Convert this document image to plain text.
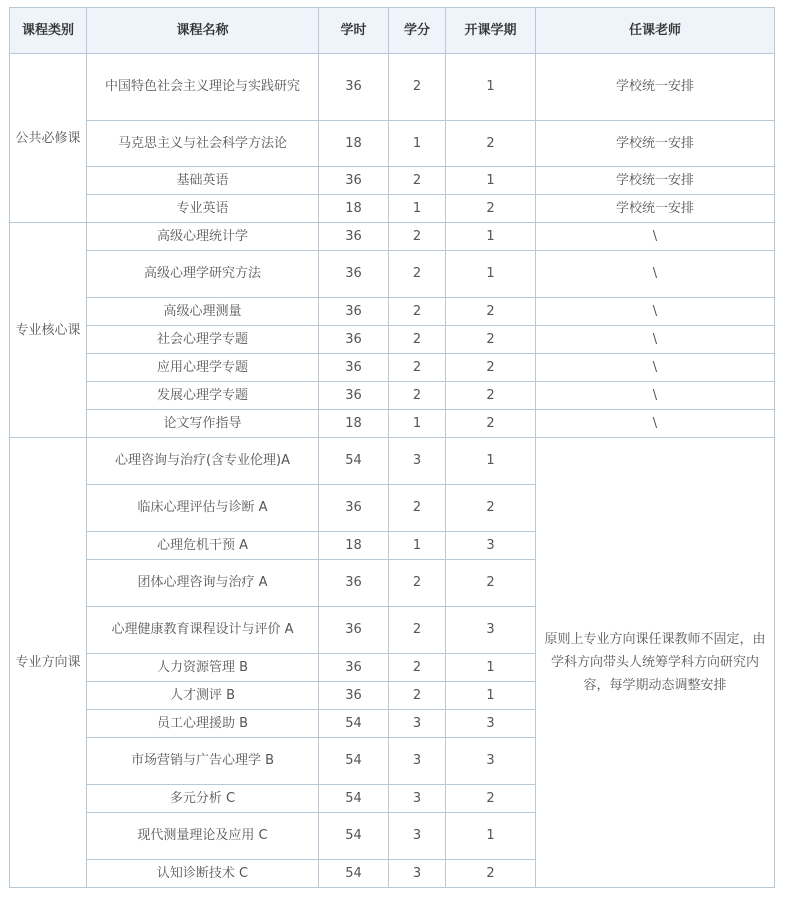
课程类别	课程名称	学时	学分	开课学期	任课老师
公共必修课	中国特色社会主义理论与实践研究	36	2	1	学校统一安排
	马克思主义与社会科学方法论	18	1	2	学校统一安排
	基础英语	36	2	1	学校统一安排
	专业英语	18	1	2	学校统一安排
专业核心课	高级心理统计学	36	2	1	\
	高级心理学研究方法	36	2	1	\
	高级心理测量	36	2	2	\
	社会心理学专题	36	2	2	\
	应用心理学专题	36	2	2	\
	发展心理学专题	36	2	2	\
	论文写作指导	18	1	2	\
专业方向课	心理咨询与治疗(含专业伦理)A	54	3	1	原则上专业方向课任课教师不固定，由学科方向带头人统筹学科方向研究内容，每学期动态调整安排
	临床心理评估与诊断 A	36	2	2	
	心理危机干预 A	18	1	3	
	团体心理咨询与治疗 A	36	2	2	
	心理健康教育课程设计与评价 A	36	2	3	
	人力资源管理 B	36	2	1	
	人才测评 B	36	2	1	
	员工心理援助 B	54	3	3	
	市场营销与广告心理学 B	54	3	3	
	多元分析 C	54	3	2	
	现代测量理论及应用 C	54	3	1	
	认知诊断技术 C	54	3	2	
